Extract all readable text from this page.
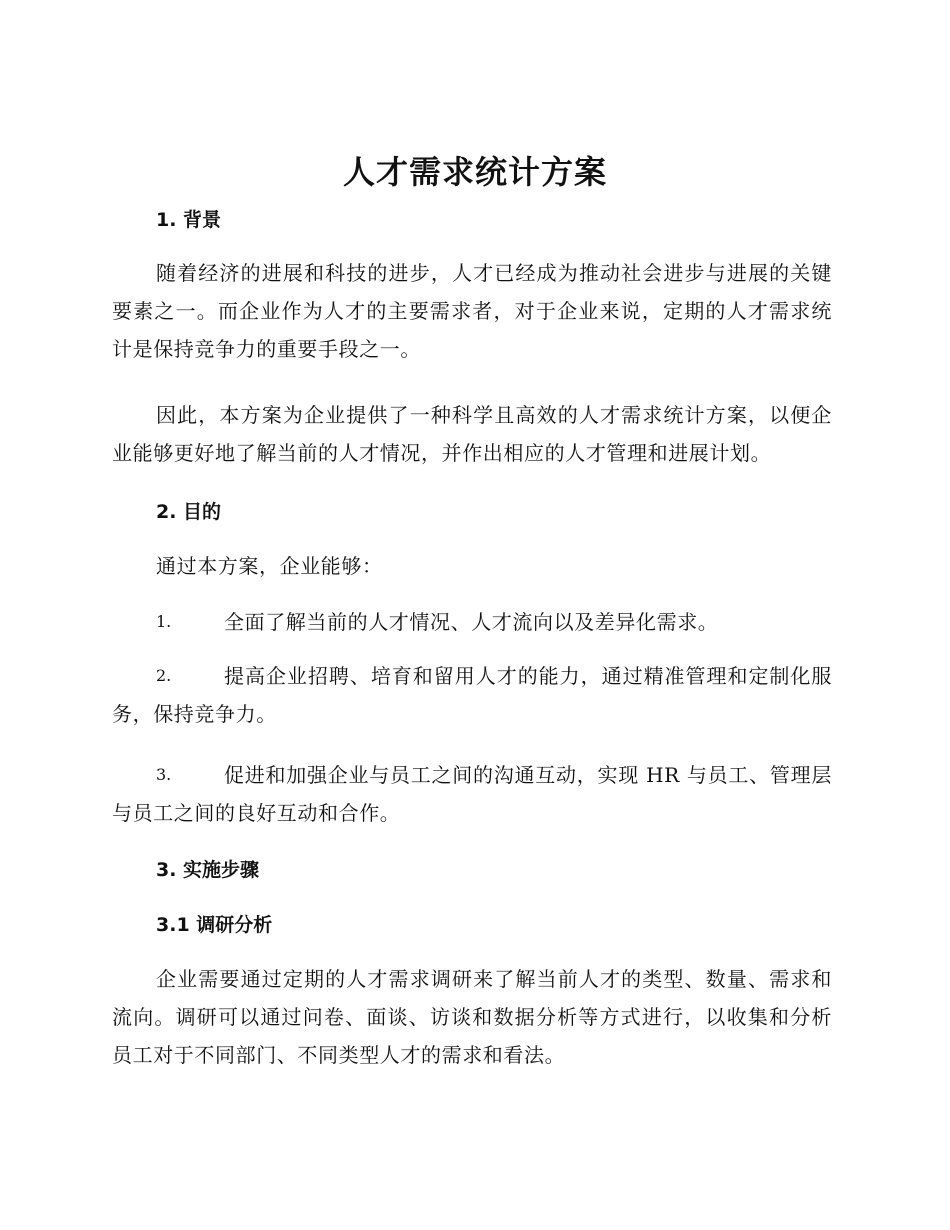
人才需求统计方案
1. 背景

随着经济的进展和科技的进步，人才已经成为推动社会进步与进展的关键要素之一。而企业作为人才的主要需求者，对于企业来说，定期的人才需求统计是保持竞争力的重要手段之一。

因此，本方案为企业提供了一种科学且高效的人才需求统计方案，以便企业能够更好地了解当前的人才情况，并作出相应的人才管理和进展计划。

2. 目的
通过本方案，企业能够：
1.	全面了解当前的人才情况、人才流向以及差异化需求。
2.	提高企业招聘、培育和留用人才的能力，通过精准管理和定制化服务，保持竞争力。
3.	促进和加强企业与员工之间的沟通互动，实现 HR 与员工、管理层与员工之间的良好互动和合作。
3. 实施步骤
3.1 调研分析

企业需要通过定期的人才需求调研来了解当前人才的类型、数量、需求和流向。调研可以通过问卷、面谈、访谈和数据分析等方式进行，以收集和分析员工对于不同部门、不同类型人才的需求和看法。
